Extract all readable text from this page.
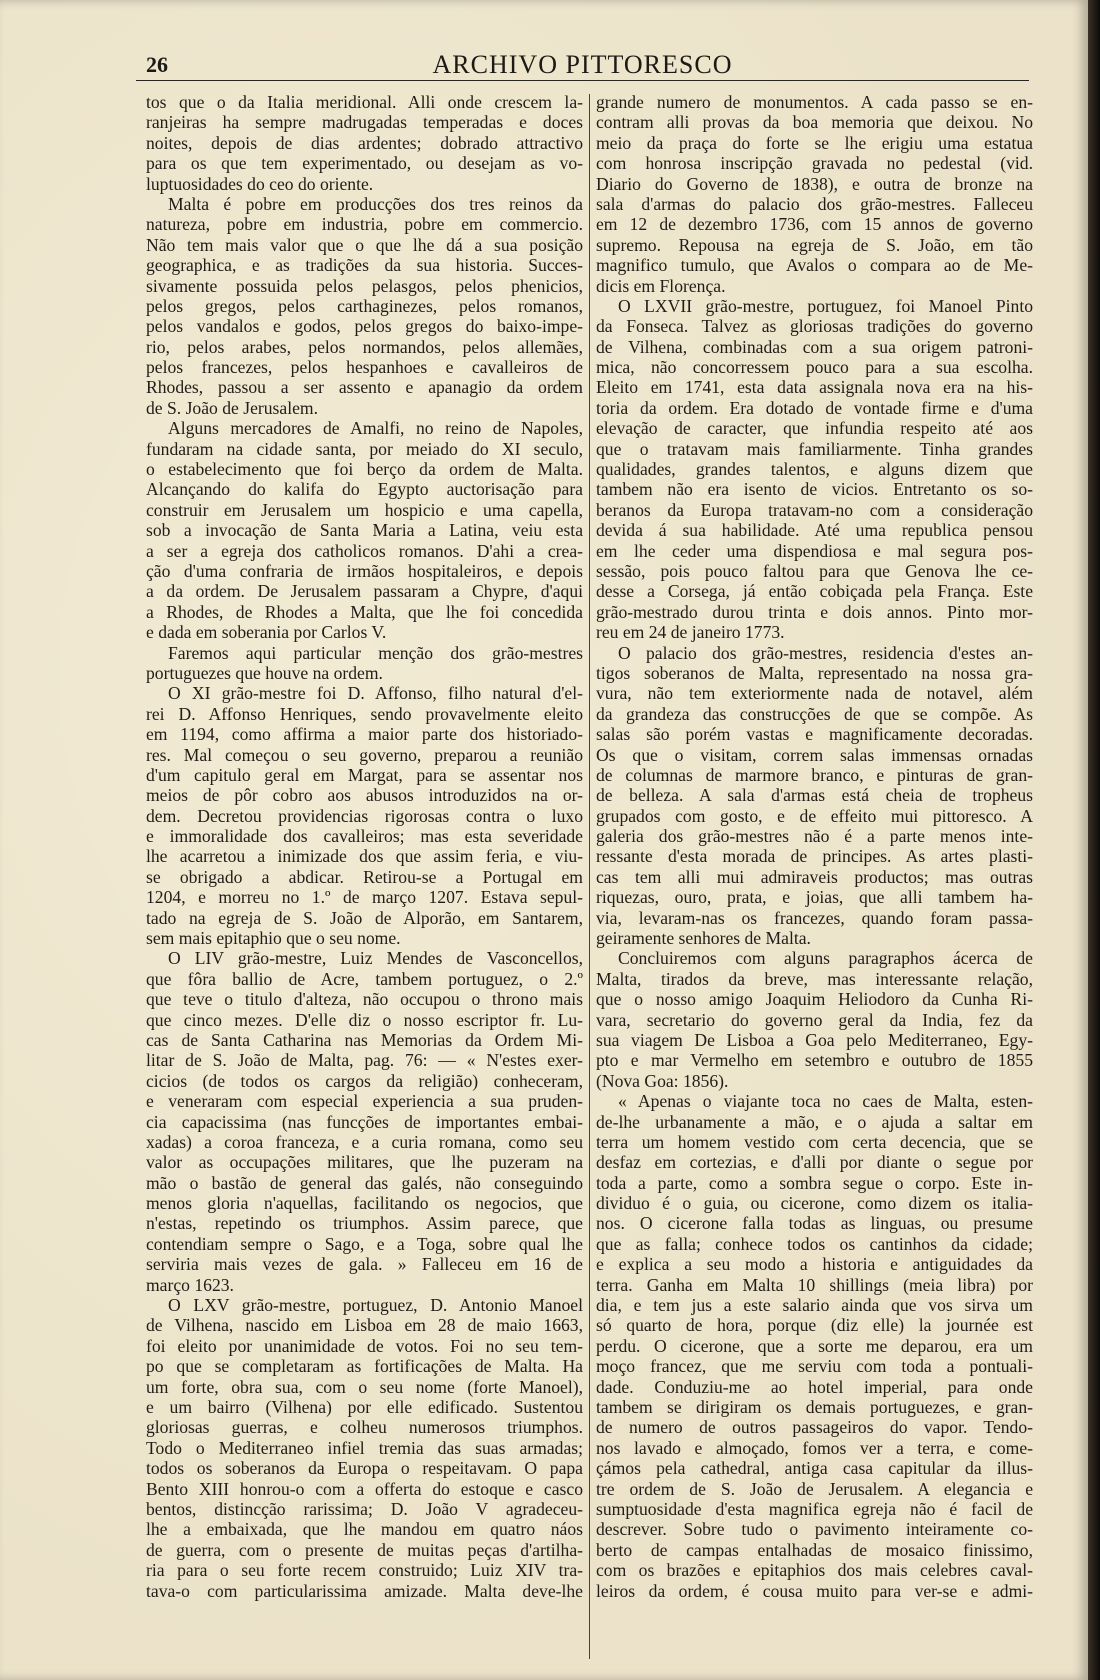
26	ARCHIVO PITTORESCO
tos que o da Italia meridional. Alli onde crescem la-
ranjeiras ha sempre madrugadas temperadas e doces
noites, depois de dias ardentes; dobrado attractivo
para os que tem experimentado, ou desejam as vo-
luptuosidades do ceo do oriente.
Malta é pobre em producções dos tres reinos da
natureza, pobre em industria, pobre em commercio.
Não tem mais valor que o que lhe dá a sua posição
geographica, e as tradições da sua historia. Succes-
sivamente possuida pelos pelasgos, pelos phenicios,
pelos gregos, pelos carthaginezes, pelos romanos,
pelos vandalos e godos, pelos gregos do baixo-impe-
rio, pelos arabes, pelos normandos, pelos allemães,
pelos francezes, pelos hespanhoes e cavalleiros de
Rhodes, passou a ser assento e apanagio da ordem
de S. João de Jerusalem.
Alguns mercadores de Amalfi, no reino de Napoles,
fundaram na cidade santa, por meiado do XI seculo,
o estabelecimento que foi berço da ordem de Malta.
Alcançando do kalifa do Egypto auctorisação para
construir em Jerusalem um hospicio e uma capella,
sob a invocação de Santa Maria a Latina, veiu esta
a ser a egreja dos catholicos romanos. D'ahi a crea-
ção d'uma confraria de irmãos hospitaleiros, e depois
a da ordem. De Jerusalem passaram a Chypre, d'aqui
a Rhodes, de Rhodes a Malta, que lhe foi concedida
e dada em soberania por Carlos V.
Faremos aqui particular menção dos grão-mestres
portuguezes que houve na ordem.
O XI grão-mestre foi D. Affonso, filho natural d'el-
rei D. Affonso Henriques, sendo provavelmente eleito
em 1194, como affirma a maior parte dos historiado-
res. Mal começou o seu governo, preparou a reunião
d'um capitulo geral em Margat, para se assentar nos
meios de pôr cobro aos abusos introduzidos na or-
dem. Decretou providencias rigorosas contra o luxo
e immoralidade dos cavalleiros; mas esta severidade
lhe acarretou a inimizade dos que assim feria, e viu-
se obrigado a abdicar. Retirou-se a Portugal em
1204, e morreu no 1.º de março 1207. Estava sepul-
tado na egreja de S. João de Alporão, em Santarem,
sem mais epitaphio que o seu nome.
O LIV grão-mestre, Luiz Mendes de Vasconcellos,
que fôra ballio de Acre, tambem portuguez, o 2.º
que teve o titulo d'alteza, não occupou o throno mais
que cinco mezes. D'elle diz o nosso escriptor fr. Lu-
cas de Santa Catharina nas Memorias da Ordem Mi-
litar de S. João de Malta, pag. 76: — « N'estes exer-
cicios (de todos os cargos da religião) conheceram,
e veneraram com especial experiencia a sua pruden-
cia capacissima (nas funcções de importantes embai-
xadas) a coroa franceza, e a curia romana, como seu
valor as occupações militares, que lhe puzeram na
mão o bastão de general das galés, não conseguindo
menos gloria n'aquellas, facilitando os negocios, que
n'estas, repetindo os triumphos. Assim parece, que
contendiam sempre o Sago, e a Toga, sobre qual lhe
serviria mais vezes de gala. » Falleceu em 16 de
março 1623.
O LXV grão-mestre, portuguez, D. Antonio Manoel
de Vilhena, nascido em Lisboa em 28 de maio 1663,
foi eleito por unanimidade de votos. Foi no seu tem-
po que se completaram as fortificações de Malta. Ha
um forte, obra sua, com o seu nome (forte Manoel),
e um bairro (Vilhena) por elle edificado. Sustentou
gloriosas guerras, e colheu numerosos triumphos.
Todo o Mediterraneo infiel tremia das suas armadas;
todos os soberanos da Europa o respeitavam. O papa
Bento XIII honrou-o com a offerta do estoque e casco
bentos, distincção rarissima; D. João V agradeceu-
lhe a embaixada, que lhe mandou em quatro náos
de guerra, com o presente de muitas peças d'artilha-
ria para o seu forte recem construido; Luiz XIV tra-
tava-o com particularissima amizade. Malta deve-lhe
grande numero de monumentos. A cada passo se en-
contram alli provas da boa memoria que deixou. No
meio da praça do forte se lhe erigiu uma estatua
com honrosa inscripção gravada no pedestal (vid.
Diario do Governo de 1838), e outra de bronze na
sala d'armas do palacio dos grão-mestres. Falleceu
em 12 de dezembro 1736, com 15 annos de governo
supremo. Repousa na egreja de S. João, em tão
magnifico tumulo, que Avalos o compara ao de Me-
dicis em Florença.
O LXVII grão-mestre, portuguez, foi Manoel Pinto
da Fonseca. Talvez as gloriosas tradições do governo
de Vilhena, combinadas com a sua origem patroni-
mica, não concorressem pouco para a sua escolha.
Eleito em 1741, esta data assignala nova era na his-
toria da ordem. Era dotado de vontade firme e d'uma
elevação de caracter, que infundia respeito até aos
que o tratavam mais familiarmente. Tinha grandes
qualidades, grandes talentos, e alguns dizem que
tambem não era isento de vicios. Entretanto os so-
beranos da Europa tratavam-no com a consideração
devida á sua habilidade. Até uma republica pensou
em lhe ceder uma dispendiosa e mal segura pos-
sessão, pois pouco faltou para que Genova lhe ce-
desse a Corsega, já então cobiçada pela França. Este
grão-mestrado durou trinta e dois annos. Pinto mor-
reu em 24 de janeiro 1773.
O palacio dos grão-mestres, residencia d'estes an-
tigos soberanos de Malta, representado na nossa gra-
vura, não tem exteriormente nada de notavel, além
da grandeza das construcções de que se compõe. As
salas são porém vastas e magnificamente decoradas.
Os que o visitam, correm salas immensas ornadas
de columnas de marmore branco, e pinturas de gran-
de belleza. A sala d'armas está cheia de tropheus
grupados com gosto, e de effeito mui pittoresco. A
galeria dos grão-mestres não é a parte menos inte-
ressante d'esta morada de principes. As artes plasti-
cas tem alli mui admiraveis productos; mas outras
riquezas, ouro, prata, e joias, que alli tambem ha-
via, levaram-nas os francezes, quando foram passa-
geiramente senhores de Malta.
Concluiremos com alguns paragraphos ácerca de
Malta, tirados da breve, mas interessante relação,
que o nosso amigo Joaquim Heliodoro da Cunha Ri-
vara, secretario do governo geral da India, fez da
sua viagem De Lisboa a Goa pelo Mediterraneo, Egy-
pto e mar Vermelho em setembro e outubro de 1855
(Nova Goa: 1856).
« Apenas o viajante toca no caes de Malta, esten-
de-lhe urbanamente a mão, e o ajuda a saltar em
terra um homem vestido com certa decencia, que se
desfaz em cortezias, e d'alli por diante o segue por
toda a parte, como a sombra segue o corpo. Este in-
dividuo é o guia, ou cicerone, como dizem os italia-
nos. O cicerone falla todas as linguas, ou presume
que as falla; conhece todos os cantinhos da cidade;
e explica a seu modo a historia e antiguidades da
terra. Ganha em Malta 10 shillings (meia libra) por
dia, e tem jus a este salario ainda que vos sirva um
só quarto de hora, porque (diz elle) la journée est
perdu. O cicerone, que a sorte me deparou, era um
moço francez, que me serviu com toda a pontuali-
dade. Conduziu-me ao hotel imperial, para onde
tambem se dirigiram os demais portuguezes, e gran-
de numero de outros passageiros do vapor. Tendo-
nos lavado e almoçado, fomos ver a terra, e come-
çámos pela cathedral, antiga casa capitular da illus-
tre ordem de S. João de Jerusalem. A elegancia e
sumptuosidade d'esta magnifica egreja não é facil de
descrever. Sobre tudo o pavimento inteiramente co-
berto de campas entalhadas de mosaico finissimo,
com os brazões e epitaphios dos mais celebres caval-
leiros da ordem, é cousa muito para ver-se e admi-
